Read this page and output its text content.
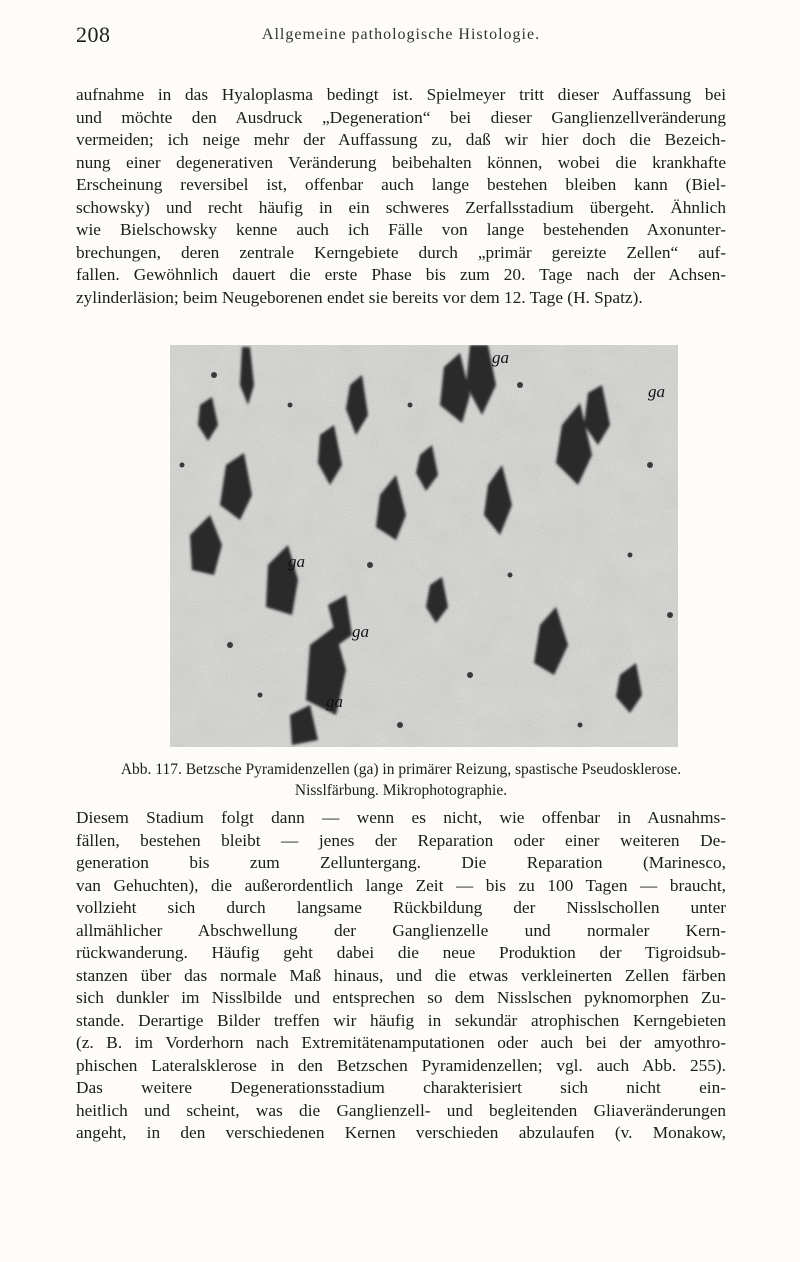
208	Allgemeine pathologische Histologie.

aufnahme in das Hyaloplasma bedingt ist. Spielmeyer tritt dieser Auffassung bei
und möchte den Ausdruck „Degeneration“ bei dieser Ganglienzellveränderung
vermeiden; ich neige mehr der Auffassung zu, daß wir hier doch die Bezeich-
nung einer degenerativen Veränderung beibehalten können, wobei die krankhafte
Erscheinung reversibel ist, offenbar auch lange bestehen bleiben kann (Biel-
schowsky) und recht häufig in ein schweres Zerfallsstadium übergeht. Ähnlich
wie Bielschowsky kenne auch ich Fälle von lange bestehenden Axonunter-
brechungen, deren zentrale Kerngebiete durch „primär gereizte Zellen“ auf-
fallen. Gewöhnlich dauert die erste Phase bis zum 20. Tage nach der Achsen-
zylinderläsion; beim Neugeborenen endet sie bereits vor dem 12. Tage (H. Spatz).

ga
ga
ga
ga
ga
Abb. 117. Betzsche Pyramidenzellen (ga) in primärer Reizung, spastische Pseudosklerose.
Nisslfärbung. Mikrophotographie.

Diesem Stadium folgt dann — wenn es nicht, wie offenbar in Ausnahms-
fällen, bestehen bleibt — jenes der Reparation oder einer weiteren De-
generation bis zum Zelluntergang. Die Reparation (Marinesco,
van Gehuchten), die außerordentlich lange Zeit — bis zu 100 Tagen — braucht,
vollzieht sich durch langsame Rückbildung der Nisslschollen unter
allmählicher Abschwellung der Ganglienzelle und normaler Kern-
rückwanderung. Häufig geht dabei die neue Produktion der Tigroidsub-
stanzen über das normale Maß hinaus, und die etwas verkleinerten Zellen färben
sich dunkler im Nisslbilde und entsprechen so dem Nisslschen pyknomorphen Zu-
stande. Derartige Bilder treffen wir häufig in sekundär atrophischen Kerngebieten
(z. B. im Vorderhorn nach Extremitätenamputationen oder auch bei der amyothro-
phischen Lateralsklerose in den Betzschen Pyramidenzellen; vgl. auch Abb. 255).
Das weitere Degenerationsstadium charakterisiert sich nicht ein-
heitlich und scheint, was die Ganglienzell- und begleitenden Gliaveränderungen
angeht, in den verschiedenen Kernen verschieden abzulaufen (v. Monakow,
